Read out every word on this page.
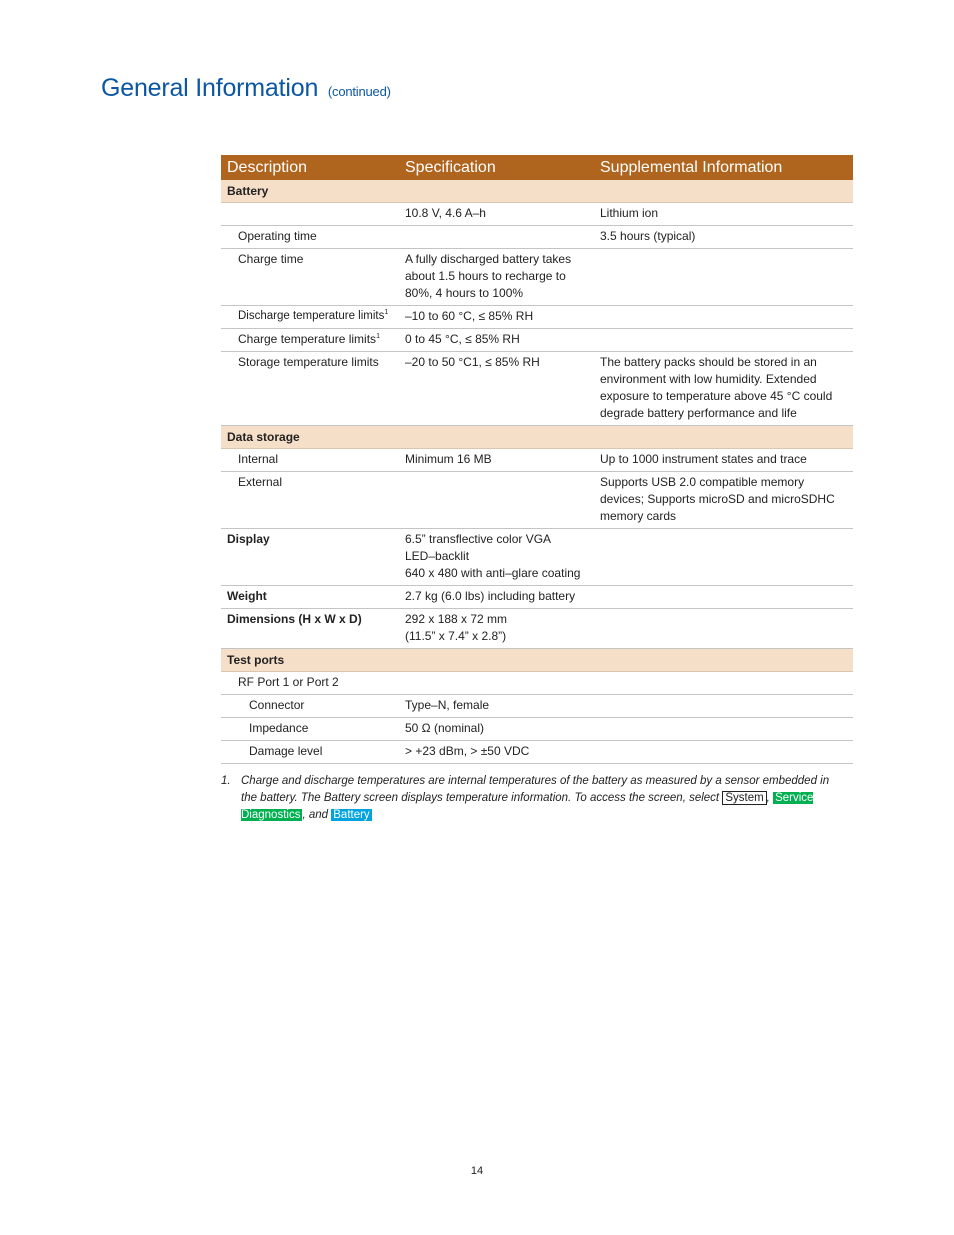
General Information (continued)
Description	Specification	Supplemental Information
Battery		
	10.8 V, 4.6 A–h	Lithium ion
Operating time		3.5 hours (typical)
Charge time	A fully discharged battery takes about 1.5 hours to recharge to 80%, 4 hours to 100%	
Discharge temperature limits$^1$	–10 to 60 °C, ≤ 85% RH	
Charge temperature limits$^1$	0 to 45 °C, ≤ 85% RH	
Storage temperature limits	–20 to 50 °C1, ≤ 85% RH	The battery packs should be stored in an environment with low humidity. Extended exposure to temperature above 45 °C could degrade battery performance and life
Data storage		
Internal	Minimum 16 MB	Up to 1000 instrument states and trace
External		Supports USB 2.0 compatible memory devices; Supports microSD and microSDHC memory cards
Display	6.5” transflective color VGA
LED–backlit
640 x 480 with anti–glare coating	

Weight	2.7 kg (6.0 lbs) including battery	
Dimensions (H x W x D)	292 x 188 x 72 mm
(11.5” x 7.4” x 2.8”)	

Test ports		
RF Port 1 or Port 2		
Connector	Type–N, female	
Impedance	50 Ω (nominal)	
Damage level	> +23 dBm, > ±50 VDC	
1. Charge and discharge temperatures are internal temperatures of the battery as measured by a sensor embedded in the battery. The Battery screen displays temperature information. To access the screen, select System , Service Diagnostics , and Battery
14
